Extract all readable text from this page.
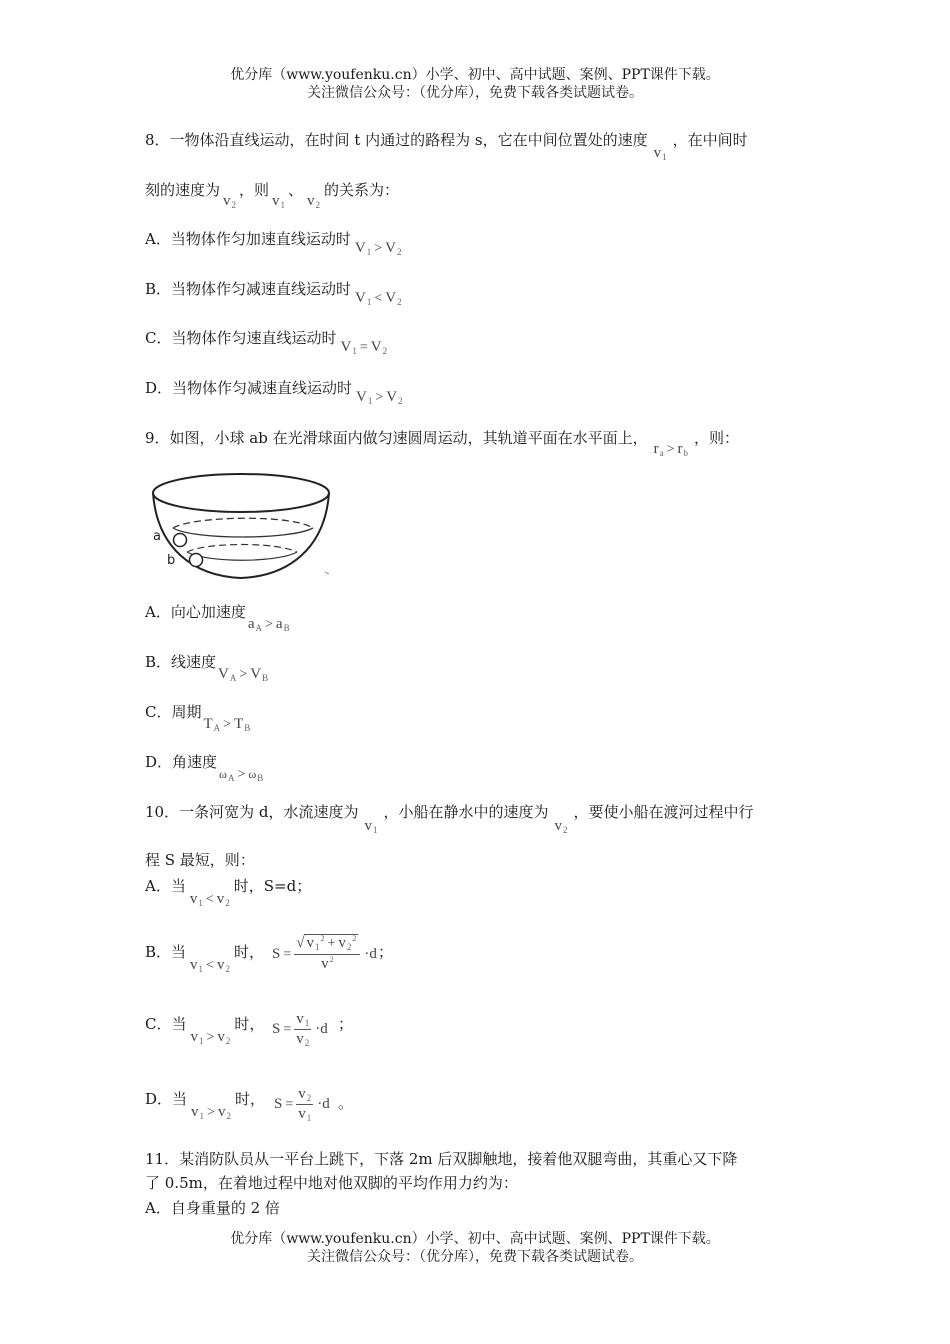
优分库（www.youfenku.cn）小学、初中、高中试题、案例、PPT课件下载。
关注微信公众号：（优分库），免费下载各类试题试卷。
8．一物体沿直线运动，在时间 t 内通过的路程为 s，它在中间位置处的速度$v_1$，在中间时
刻的速度为$v_2$，则$v_1$、$v_2$的关系为：
A．当物体作匀加速直线运动时 $V_1 > V_2$
B．当物体作匀减速直线运动时 $V_1 < V_2$
C．当物体作匀速直线运动时 $V_1 = V_2$
D．当物体作匀减速直线运动时 $V_1 > V_2$
9．如图，小球 ab 在光滑球面内做匀速圆周运动，其轨道平面在水平面上，$r_a > r_b$，则：
a
b
A．向心加速度$a_A > a_B$
B．线速度$V_A > V_B$
C．周期$T_A > T_B$
D．角速度$_{\omega_A > \omega_B}$
10．一条河宽为 d，水流速度为$v_1$，小船在静水中的速度为$v_2$，要使小船在渡河过程中行
程 S 最短，则：
A．当$v_1 < v_2$时，S=d；
B．当$v_1 < v_2$时， $S = \frac{√ v_1^2 + v_2^2}{v^2} \cdot d$ ；
C．当$v_1 > v_2$时， $S = \frac{v_1}{v_2} \cdot d$ ；
D．当$v_1 > v_2$时， $S = \frac{v_2}{v_1} \cdot d$ 。
11．某消防队员从一平台上跳下，下落 2m 后双脚触地，接着他双腿弯曲，其重心又下降
了 0.5m，在着地过程中地对他双脚的平均作用力约为：
A．自身重量的 2 倍
优分库（www.youfenku.cn）小学、初中、高中试题、案例、PPT课件下载。
关注微信公众号：（优分库），免费下载各类试题试卷。
